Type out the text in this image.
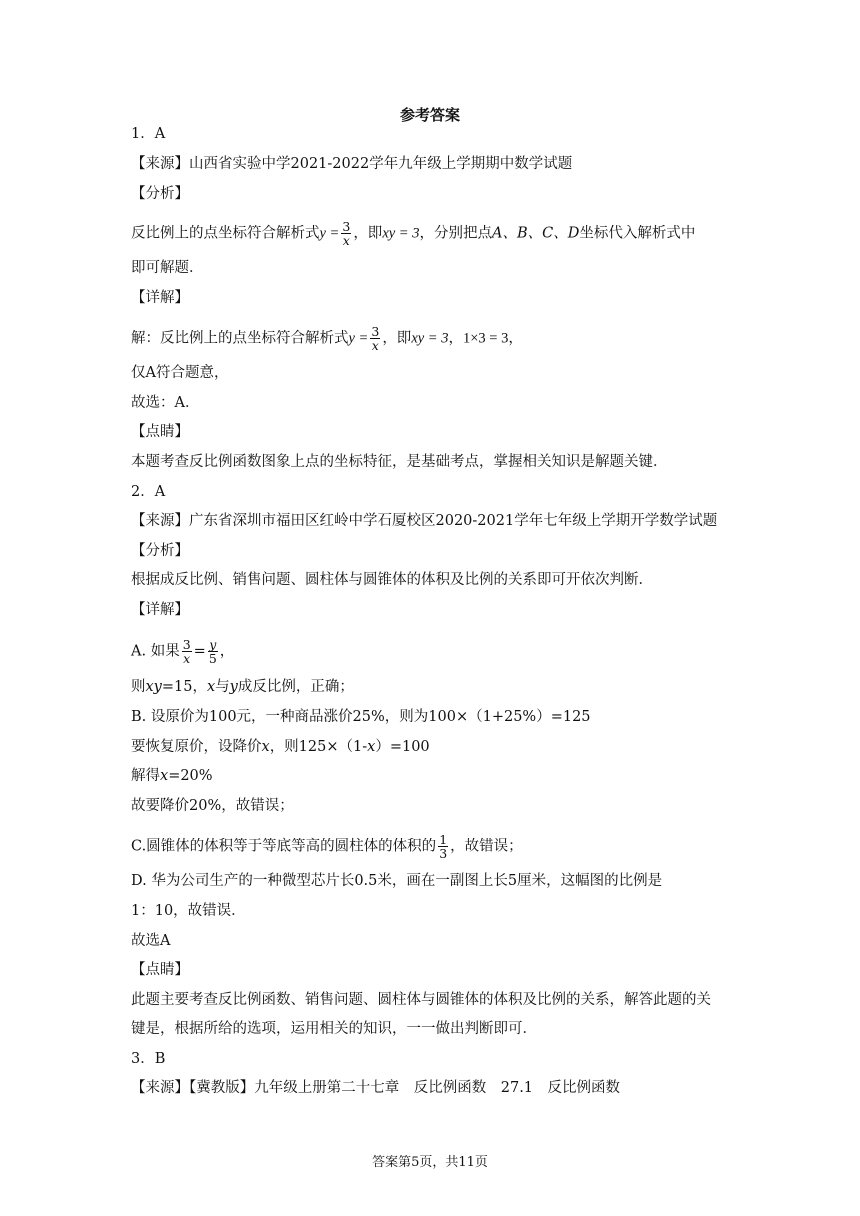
参考答案
1．A
【来源】山西省实验中学2021-2022学年九年级上学期期中数学试题
【分析】
反比例上的点坐标符合解析式$y = \frac{3}{x}$ ，即xy = 3，分别把点A、B、C、D坐标代入解析式中
即可解题．
【详解】
解：反比例上的点坐标符合解析式$y = \frac{3}{x}$ ，即xy = 3，1×3 = 3，
仅A符合题意，
故选：A．
【点睛】
本题考查反比例函数图象上点的坐标特征，是基础考点，掌握相关知识是解题关键．
2．A
【来源】广东省深圳市福田区红岭中学石厦校区2020-2021学年七年级上学期开学数学试题
【分析】
根据成反比例、销售问题、圆柱体与圆锥体的体积及比例的关系即可开依次判断．
【详解】
A. 如果 $\frac{3}{x} = \frac{y}{5}$ ，
则xy=15，x与y成反比例，正确；
B. 设原价为100元，一种商品涨价25%，则为100×（1+25%）=125
要恢复原价，设降价x，则125×（1-x）=100
解得x=20%
故要降价20%，故错误；
C.圆锥体的体积等于等底等高的圆柱体的体积的 $\frac{1}{3}$ ，故错误；
D. 华为公司生产的一种微型芯片长0.5米，画在一副图上长5厘米，这幅图的比例是
1：10，故错误．
故选A
【点睛】
此题主要考查反比例函数、销售问题、圆柱体与圆锥体的体积及比例的关系，解答此题的关
键是，根据所给的选项，运用相关的知识，一一做出判断即可．
3．B
【来源】【冀教版】九年级上册第二十七章　反比例函数　27.1　反比例函数
答案第5页，共11页
